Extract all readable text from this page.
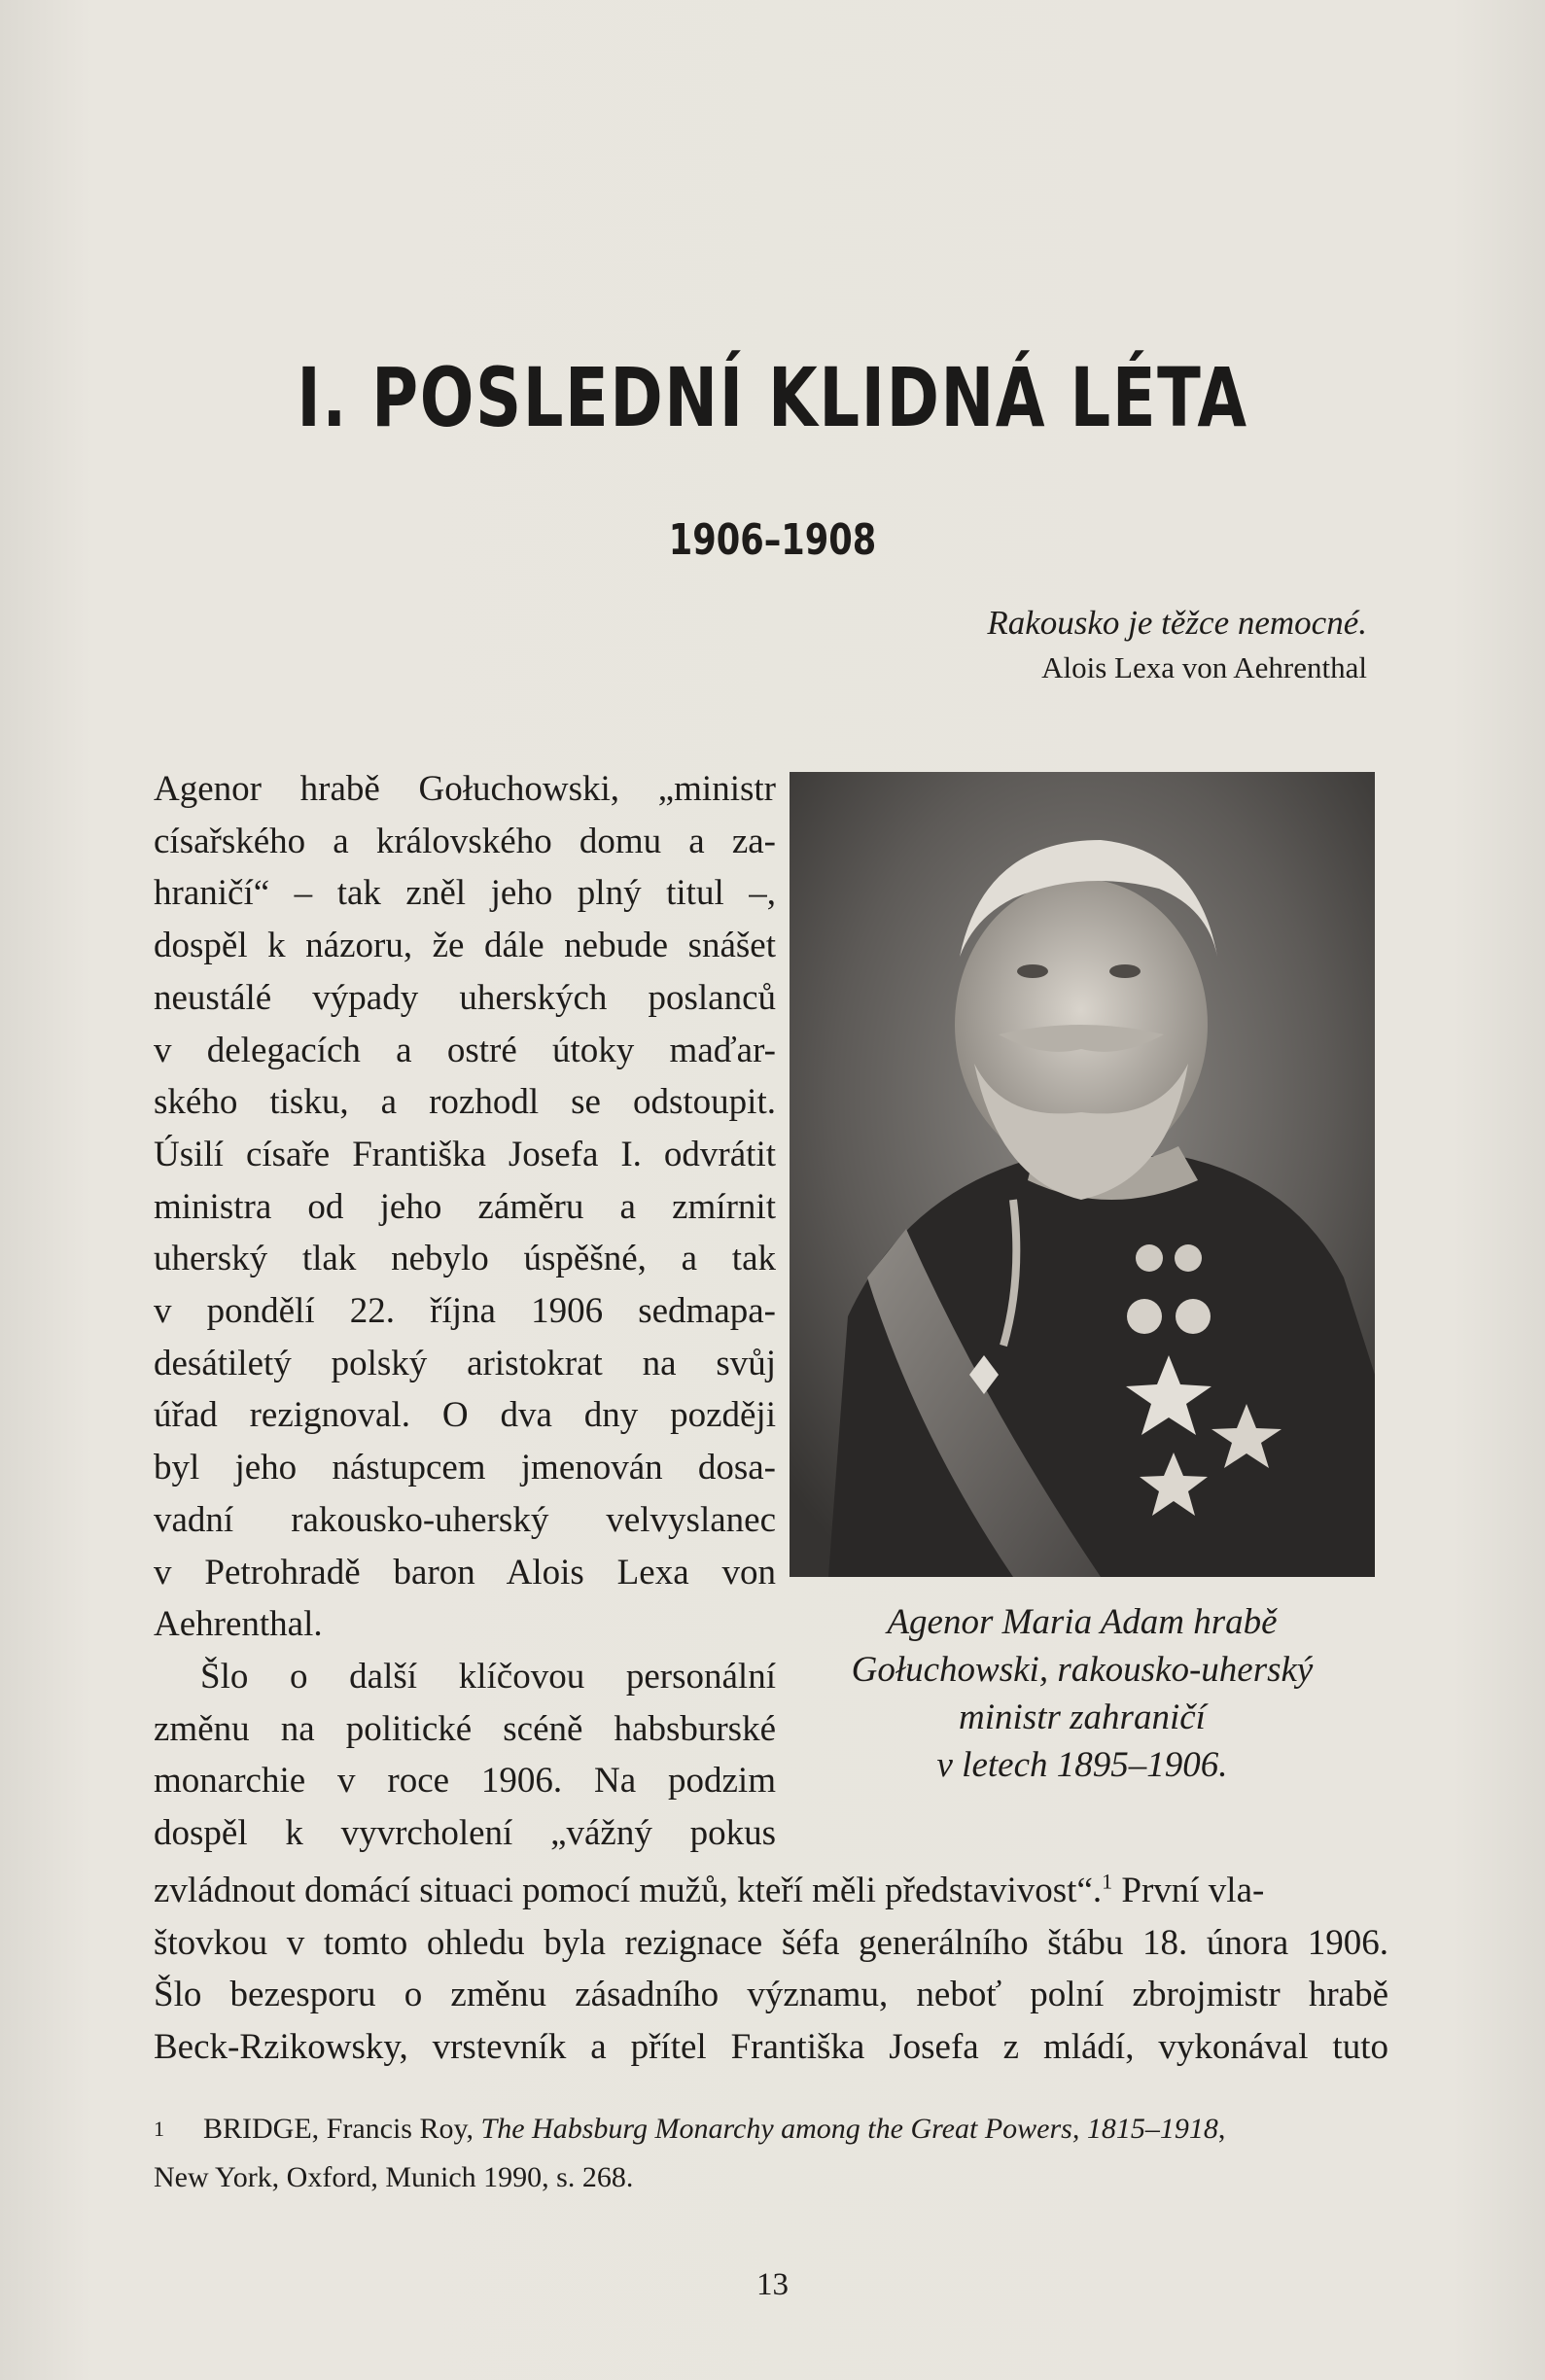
I. POSLEDNÍ KLIDNÁ LÉTA
1906–1908
Rakousko je těžce nemocné.
Alois Lexa von Aehrenthal
Agenor hrabě Gołuchowski, „ministr
císařského a královského domu a za-
hraničí“ – tak zněl jeho plný titul –,
dospěl k názoru, že dále nebude snášet
neustálé výpady uherských poslanců
v delegacích a ostré útoky maďar-
ského tisku, a rozhodl se odstoupit.
Úsilí císaře Františka Josefa I. odvrátit
ministra od jeho záměru a zmírnit
uherský tlak nebylo úspěšné, a tak
v pondělí 22. října 1906 sedmapa-
desátiletý polský aristokrat na svůj
úřad rezignoval. O dva dny později
byl jeho nástupcem jmenován dosa-
vadní rakousko-uherský velvyslanec
v Petrohradě baron Alois Lexa von
Aehrenthal.
Šlo o další klíčovou personální
změnu na politické scéně habsburské
monarchie v roce 1906. Na podzim
dospěl k vyvrcholení „vážný pokus
zvládnout domácí situaci pomocí mužů, kteří měli představivost“.$^1$ První vla-
štovkou v tomto ohledu byla rezignace šéfa generálního štábu 18. února 1906.
Šlo bezesporu o změnu zásadního významu, neboť polní zbrojmistr hrabě
Beck-Rzikowsky, vrstevník a přítel Františka Josefa z mládí, vykonával tuto
Agenor Maria Adam hrabě
Gołuchowski, rakousko-uherský
ministr zahraničí
v letech 1895–1906.
$^1$ BRIDGE, Francis Roy, The Habsburg Monarchy among the Great Powers, 1815–1918,
New York, Oxford, Munich 1990, s. 268.
13
